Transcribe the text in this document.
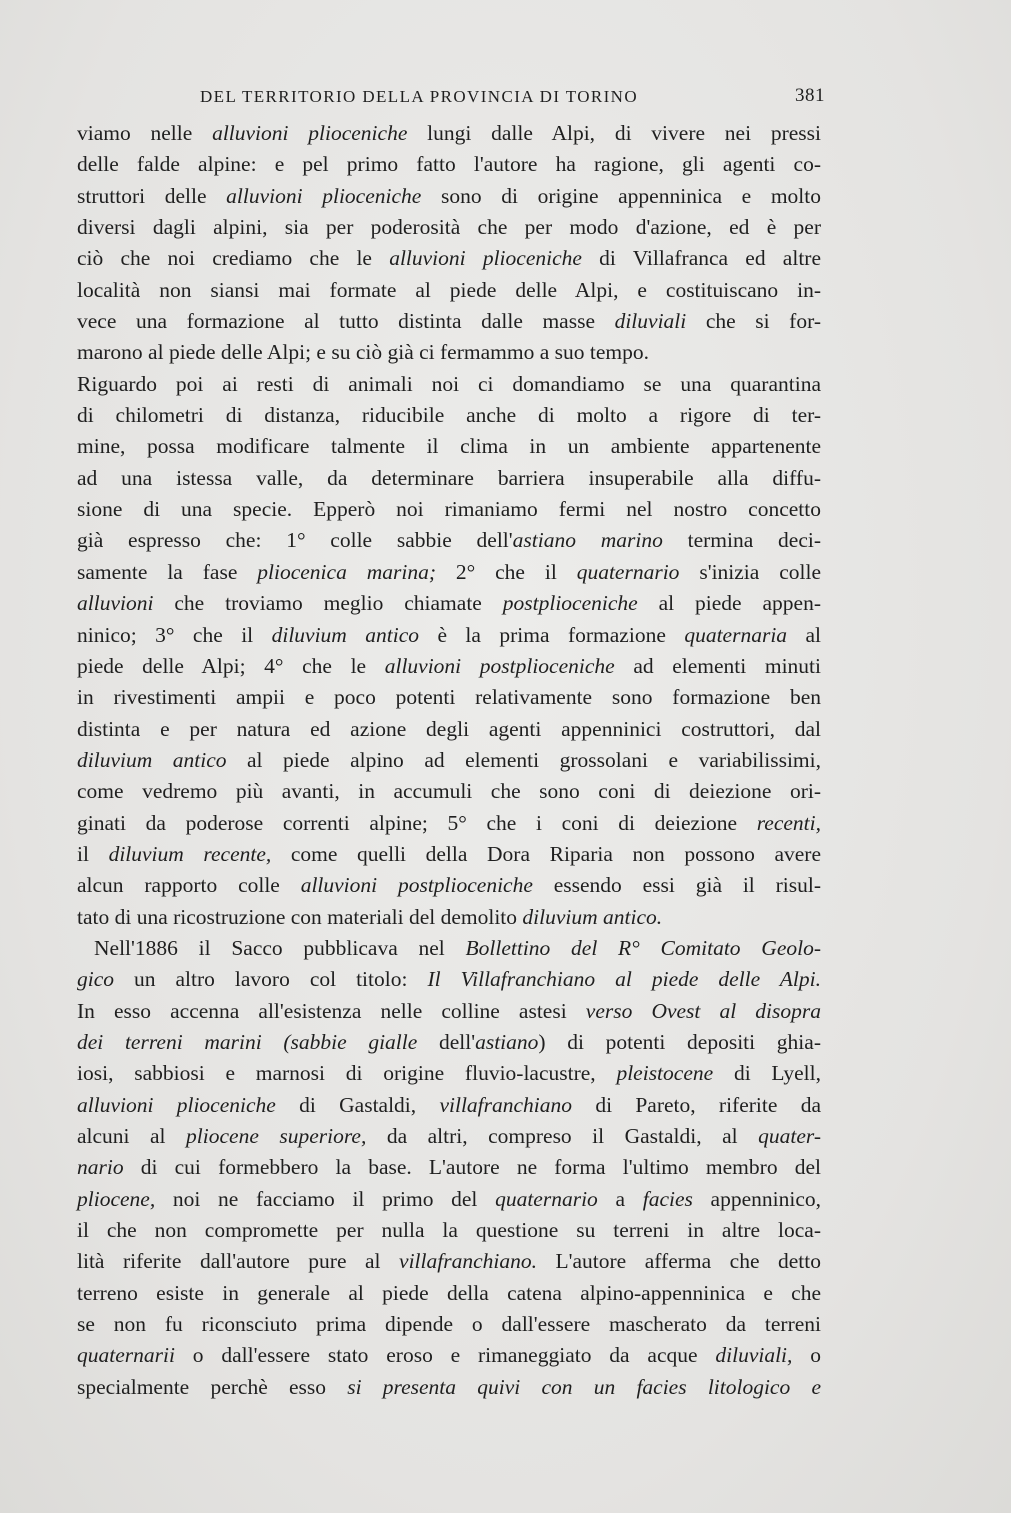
DEL TERRITORIO DELLA PROVINCIA DI TORINO	381
viamo nelle alluvioni plioceniche lungi dalle Alpi, di vivere nei pressi
delle falde alpine: e pel primo fatto l'autore ha ragione, gli agenti co-
struttori delle alluvioni plioceniche sono di origine appenninica e molto
diversi dagli alpini, sia per poderosità che per modo d'azione, ed è per
ciò che noi crediamo che le alluvioni plioceniche di Villafranca ed altre
località non siansi mai formate al piede delle Alpi, e costituiscano in-
vece una formazione al tutto distinta dalle masse diluviali che si for-
marono al piede delle Alpi; e su ciò già ci fermammo a suo tempo.
Riguardo poi ai resti di animali noi ci domandiamo se una quarantina
di chilometri di distanza, riducibile anche di molto a rigore di ter-
mine, possa modificare talmente il clima in un ambiente appartenente
ad una istessa valle, da determinare barriera insuperabile alla diffu-
sione di una specie. Epperò noi rimaniamo fermi nel nostro concetto
già espresso che: 1° colle sabbie dell'astiano marino termina deci-
samente la fase pliocenica marina; 2° che il quaternario s'inizia colle
alluvioni che troviamo meglio chiamate postplioceniche al piede appen-
ninico; 3° che il diluvium antico è la prima formazione quaternaria al
piede delle Alpi; 4° che le alluvioni postplioceniche ad elementi minuti
in rivestimenti ampii e poco potenti relativamente sono formazione ben
distinta e per natura ed azione degli agenti appenninici costruttori, dal
diluvium antico al piede alpino ad elementi grossolani e variabilissimi,
come vedremo più avanti, in accumuli che sono coni di deiezione ori-
ginati da poderose correnti alpine; 5° che i coni di deiezione recenti,
il diluvium recente, come quelli della Dora Riparia non possono avere
alcun rapporto colle alluvioni postplioceniche essendo essi già il risul-
tato di una ricostruzione con materiali del demolito diluvium antico.
Nell'1886 il Sacco pubblicava nel Bollettino del R° Comitato Geolo-
gico un altro lavoro col titolo: Il Villafranchiano al piede delle Alpi.
In esso accenna all'esistenza nelle colline astesi verso Ovest al disopra
dei terreni marini (sabbie gialle dell'astiano) di potenti depositi ghia-
iosi, sabbiosi e marnosi di origine fluvio-lacustre, pleistocene di Lyell,
alluvioni plioceniche di Gastaldi, villafranchiano di Pareto, riferite da
alcuni al pliocene superiore, da altri, compreso il Gastaldi, al quater-
nario di cui formebbero la base. L'autore ne forma l'ultimo membro del
pliocene, noi ne facciamo il primo del quaternario a facies appenninico,
il che non compromette per nulla la questione su terreni in altre loca-
lità riferite dall'autore pure al villafranchiano. L'autore afferma che detto
terreno esiste in generale al piede della catena alpino-appenninica e che
se non fu riconsciuto prima dipende o dall'essere mascherato da terreni
quaternarii o dall'essere stato eroso e rimaneggiato da acque diluviali, o
specialmente perchè esso si presenta quivi con un facies litologico e
